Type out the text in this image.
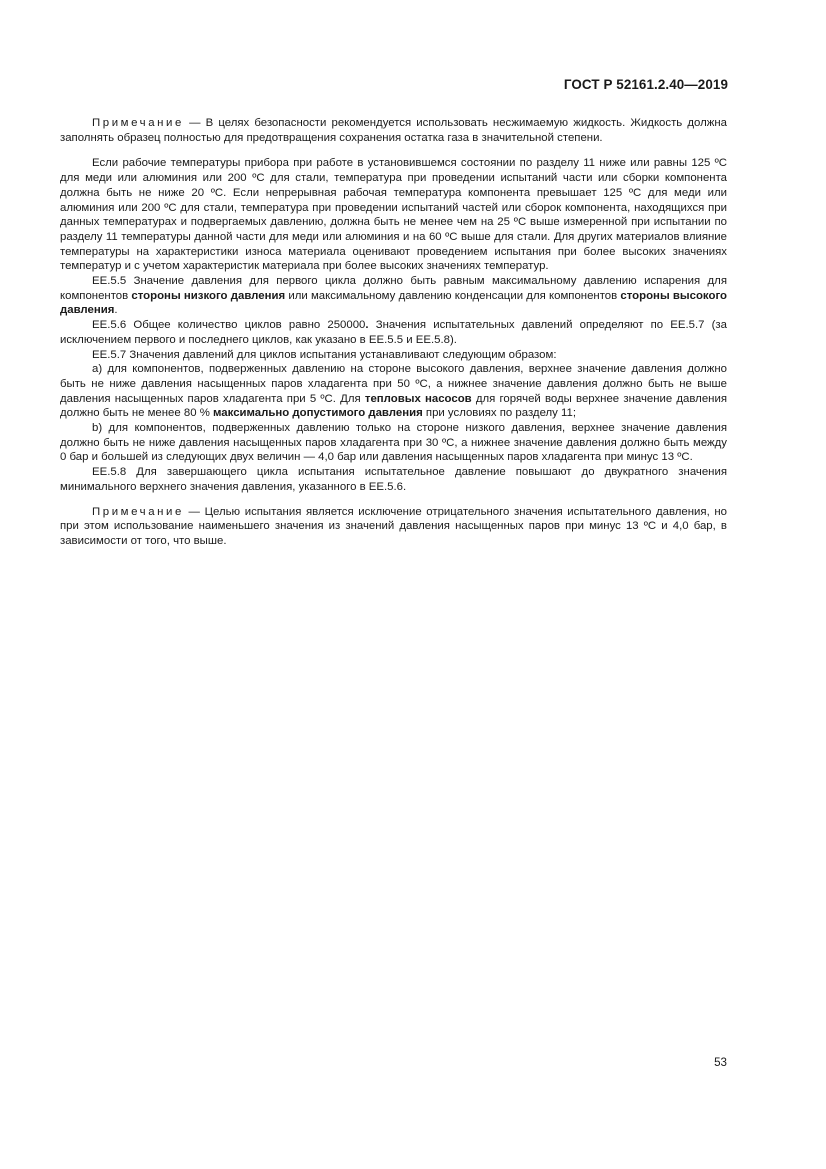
ГОСТ Р 52161.2.40—2019

Примечание — В целях безопасности рекомендуется использовать несжимаемую жидкость. Жидкость должна заполнять образец полностью для предотвращения сохранения остатка газа в значительной степени.

Если рабочие температуры прибора при работе в установившемся состоянии по разделу 11 ниже или равны 125 ºC для меди или алюминия или 200 ºC для стали, температура при проведении испытаний части или сборки компонента должна быть не ниже 20 ºC. Если непрерывная рабочая температура компонента превышает 125 ºC для меди или алюминия или 200 ºC для стали, температура при проведении испытаний частей или сборок компонента, находящихся при данных температурах и подвергаемых давлению, должна быть не менее чем на 25 ºC выше измеренной при испытании по разделу 11 температуры данной части для меди или алюминия и на 60 ºC выше для стали. Для других материалов влияние температуры на характеристики износа материала оценивают проведением испытания при более высоких значениях температур и с учетом характеристик материала при более высоких значениях температур.

ЕЕ.5.5 Значение давления для первого цикла должно быть равным максимальному давлению испарения для компонентов стороны низкого давления или максимальному давлению конденсации для компонентов стороны высокого давления.

ЕЕ.5.6 Общее количество циклов равно 250000. Значения испытательных давлений определяют по ЕЕ.5.7 (за исключением первого и последнего циклов, как указано в ЕЕ.5.5 и ЕЕ.5.8).

ЕЕ.5.7 Значения давлений для циклов испытания устанавливают следующим образом:

a) для компонентов, подверженных давлению на стороне высокого давления, верхнее значение давления должно быть не ниже давления насыщенных паров хладагента при 50 ºC, а нижнее значение давления должно быть не выше давления насыщенных паров хладагента при 5 ºC. Для тепловых насосов для горячей воды верхнее значение давления должно быть не менее 80 % максимально допустимого давления при условиях по разделу 11;

b) для компонентов, подверженных давлению только на стороне низкого давления, верхнее значение давления должно быть не ниже давления насыщенных паров хладагента при 30 ºC, а нижнее значение давления должно быть между 0 бар и большей из следующих двух величин — 4,0 бар или давления насыщенных паров хладагента при минус 13 ºC.

ЕЕ.5.8 Для завершающего цикла испытания испытательное давление повышают до двукратного значения минимального верхнего значения давления, указанного в ЕЕ.5.6.

Примечание — Целью испытания является исключение отрицательного значения испытательного давления, но при этом использование наименьшего значения из значений давления насыщенных паров при минус 13 ºC и 4,0 бар, в зависимости от того, что выше.

53
